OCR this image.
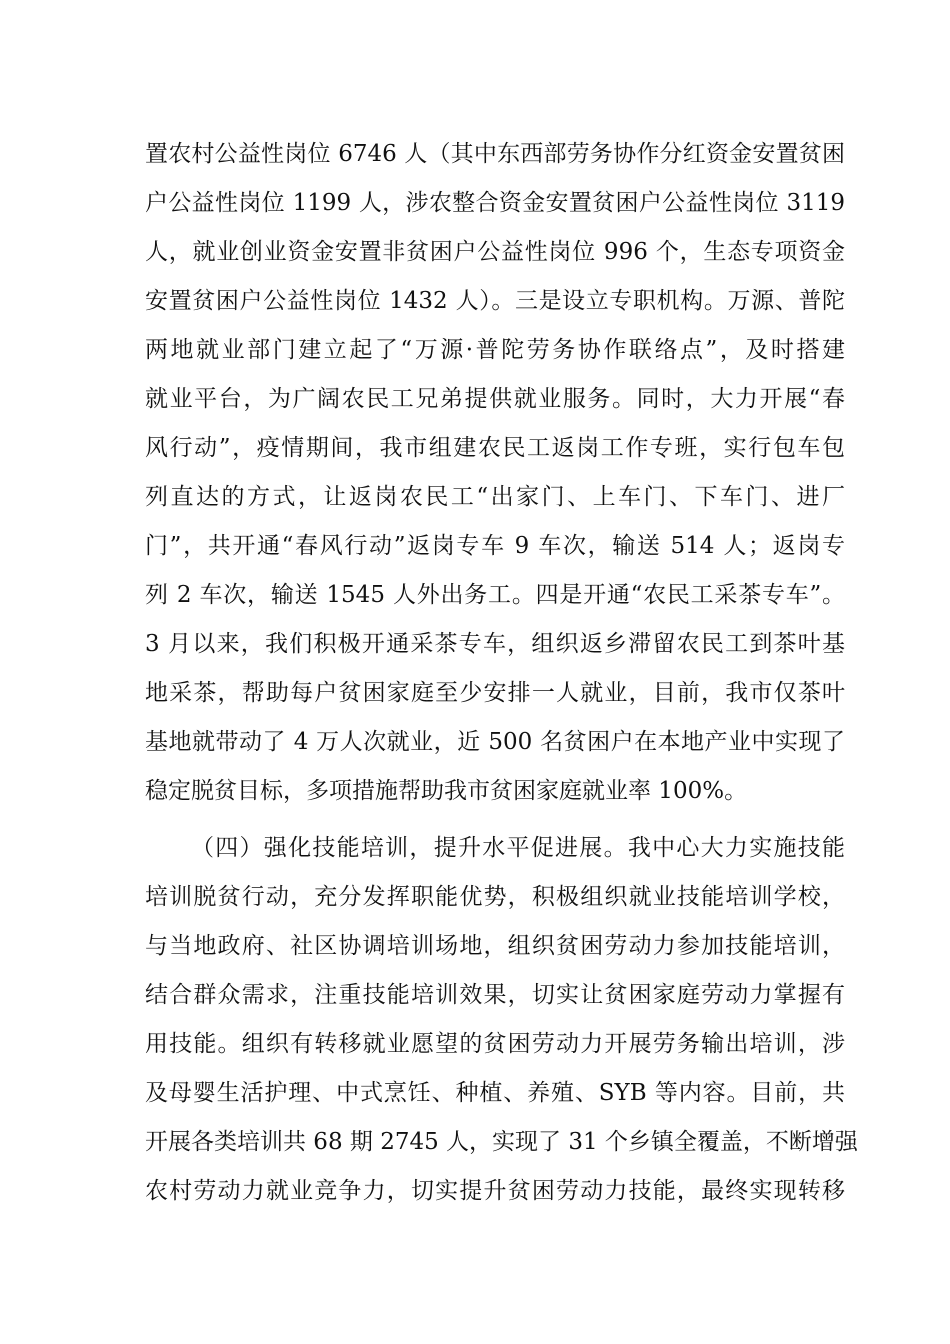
置农村公益性岗位 6746 人（其中东西部劳务协作分红资金安置贫困
户公益性岗位 1199 人，涉农整合资金安置贫困户公益性岗位 3119
人，就业创业资金安置非贫困户公益性岗位 996 个，生态专项资金
安置贫困户公益性岗位 1432 人）。三是设立专职机构。万源、普陀
两地就业部门建立起了“万源·普陀劳务协作联络点”，及时搭建
就业平台，为广阔农民工兄弟提供就业服务。同时，大力开展“春
风行动”，疫情期间，我市组建农民工返岗工作专班，实行包车包
列直达的方式，让返岗农民工“出家门、上车门、下车门、进厂
门”，共开通“春风行动”返岗专车 9 车次，输送 514 人；返岗专
列 2 车次，输送 1545 人外出务工。四是开通“农民工采茶专车”。
3 月以来，我们积极开通采茶专车，组织返乡滞留农民工到茶叶基
地采茶，帮助每户贫困家庭至少安排一人就业，目前，我市仅茶叶
基地就带动了 4 万人次就业，近 500 名贫困户在本地产业中实现了
稳定脱贫目标，多项措施帮助我市贫困家庭就业率 100%。
（四）强化技能培训，提升水平促进展。我中心大力实施技能
培训脱贫行动，充分发挥职能优势，积极组织就业技能培训学校，
与当地政府、社区协调培训场地，组织贫困劳动力参加技能培训，
结合群众需求，注重技能培训效果，切实让贫困家庭劳动力掌握有
用技能。组织有转移就业愿望的贫困劳动力开展劳务输出培训，涉
及母婴生活护理、中式烹饪、种植、养殖、SYB 等内容。目前，共
开展各类培训共 68 期 2745 人，实现了 31 个乡镇全覆盖，不断增强
农村劳动力就业竞争力，切实提升贫困劳动力技能，最终实现转移
